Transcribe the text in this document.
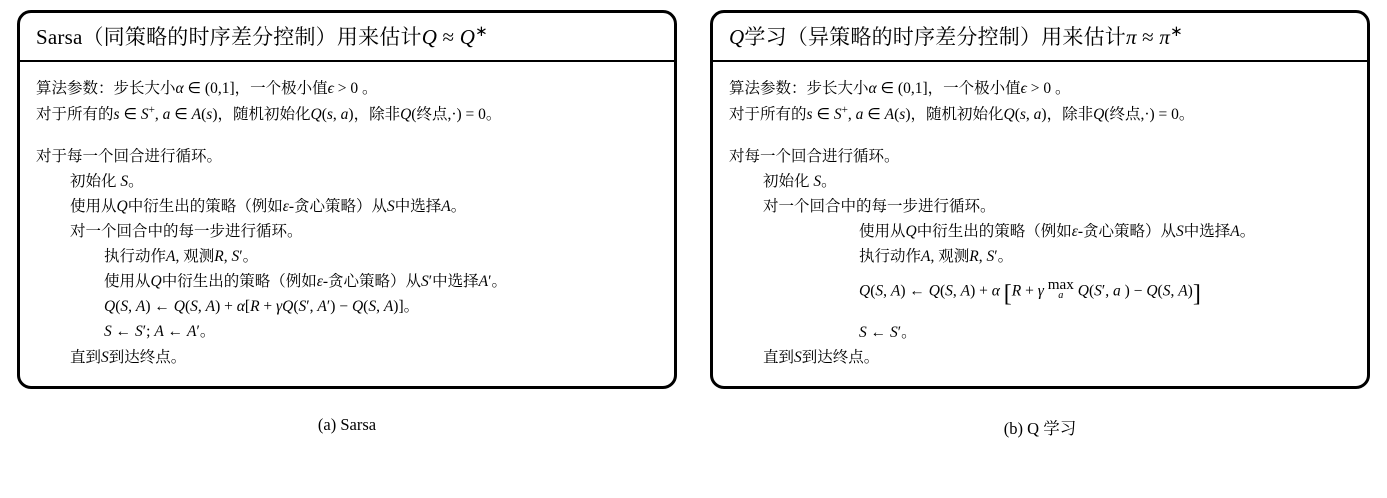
Sarsa（同策略的时序差分控制）用来估计Q ≈ Q∗
算法参数：步长大小α ∈ (0,1]，一个极小值ϵ > 0 。
对于所有的s ∈ S+, a ∈ A(s)，随机初始化Q(s, a)，除非Q(终点,·) = 0。
对于每一个回合进行循环。
初始化 S。
使用从Q中衍生出的策略（例如ε-贪心策略）从S中选择A。
对一个回合中的每一步进行循环。
执行动作A, 观测R, S′。
使用从Q中衍生出的策略（例如ε-贪心策略）从S′中选择A′。
Q(S, A) ← Q(S, A) + α[R + γQ(S′, A′) − Q(S, A)]。
S ← S′; A ← A′。
直到S到达终点。
(a) Sarsa
Q学习（异策略的时序差分控制）用来估计π ≈ π∗
算法参数：步长大小α ∈ (0,1]，一个极小值ϵ > 0 。
对于所有的s ∈ S+, a ∈ A(s)，随机初始化Q(s, a)，除非Q(终点,·) = 0。
对每一个回合进行循环。
初始化 S。
对一个回合中的每一步进行循环。
使用从Q中衍生出的策略（例如ε-贪心策略）从S中选择A。
执行动作A, 观测R, S′。
Q(S, A) ← Q(S, A) + α [R + γ max
a Q(S′, a ) − Q(S, A)]
S ← S′。
直到S到达终点。
(b) Q 学习
